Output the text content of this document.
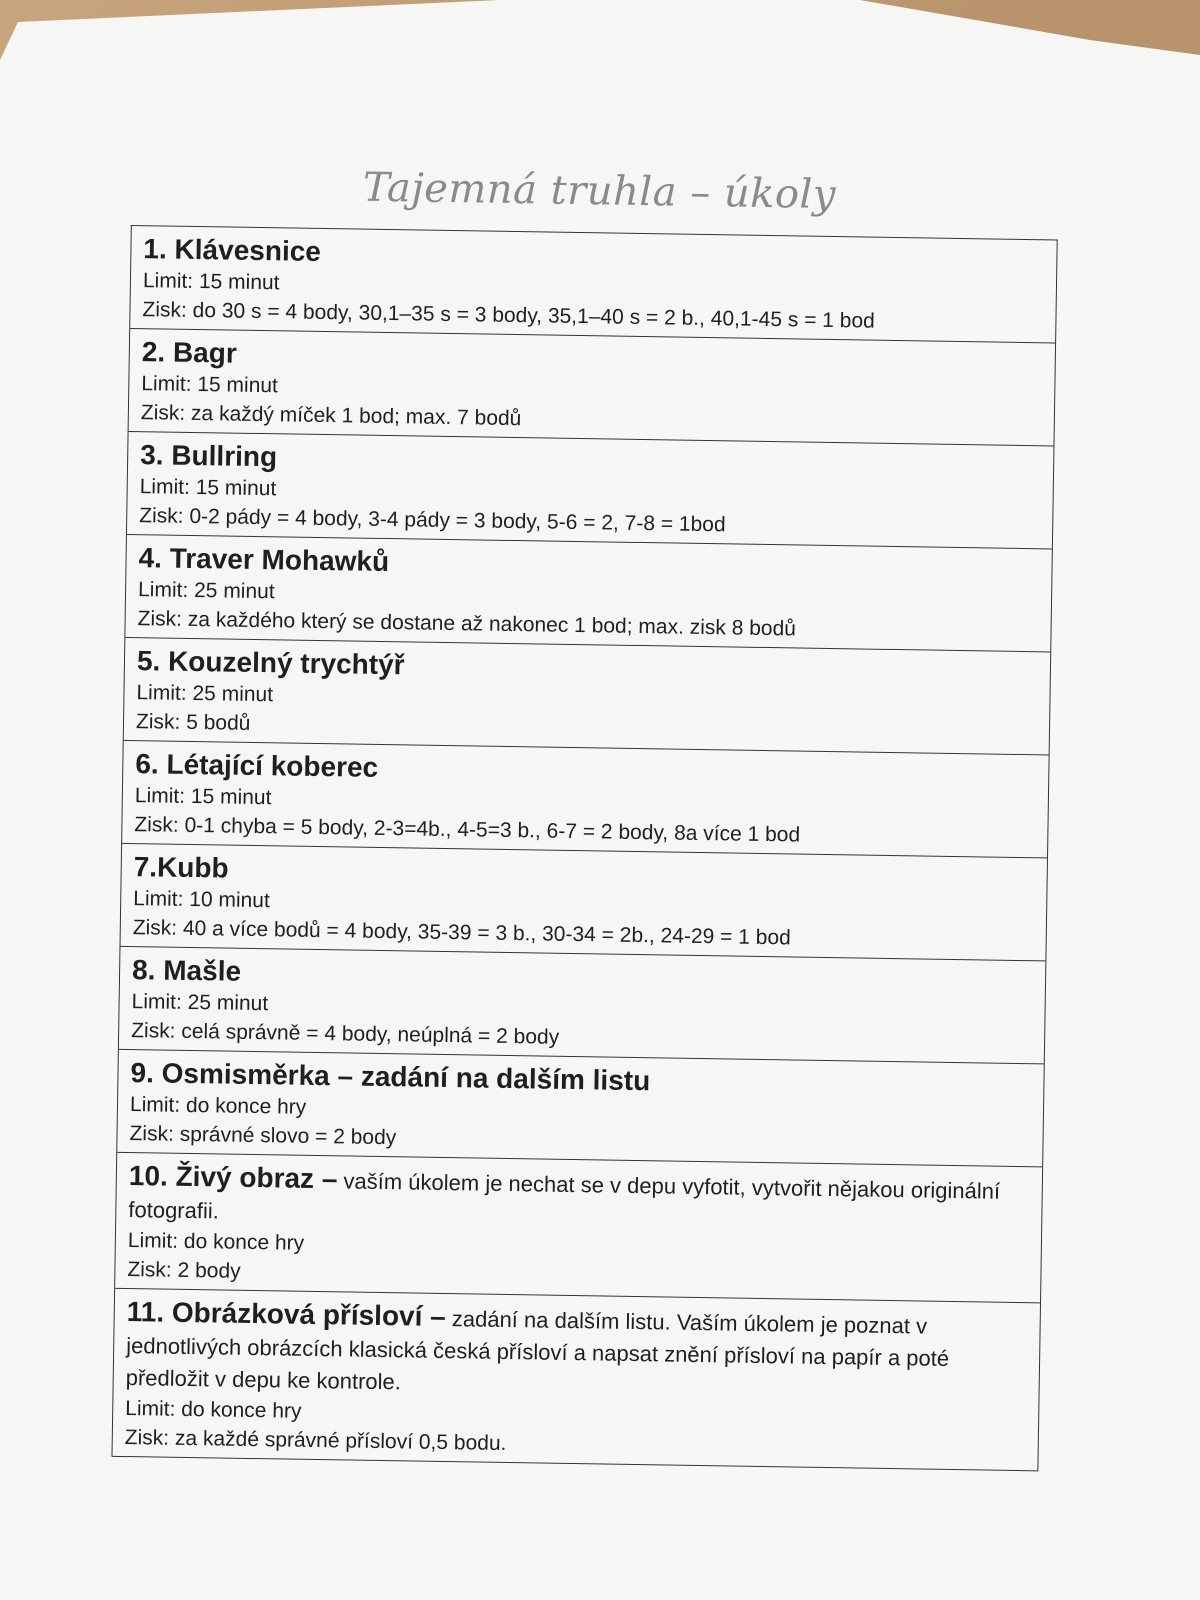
Tajemná truhla – úkoly
1. Klávesnice
Limit: 15 minut
Zisk: do 30 s = 4 body, 30,1–35 s = 3 body, 35,1–40 s = 2 b., 40,1-45 s = 1 bod
2. Bagr
Limit: 15 minut
Zisk: za každý míček 1 bod; max. 7 bodů
3. Bullring
Limit: 15 minut
Zisk: 0-2 pády = 4 body, 3-4 pády = 3 body, 5-6 = 2, 7-8 = 1bod
4. Traver Mohawků
Limit: 25 minut
Zisk: za každého který se dostane až nakonec 1 bod; max. zisk 8 bodů
5. Kouzelný trychtýř
Limit: 25 minut
Zisk: 5 bodů
6. Létající koberec
Limit: 15 minut
Zisk: 0-1 chyba = 5 body, 2-3=4b., 4-5=3 b., 6-7 = 2 body, 8a více 1 bod
7.Kubb
Limit: 10 minut
Zisk: 40 a více bodů = 4 body, 35-39 = 3 b., 30-34 = 2b., 24-29 = 1 bod
8. Mašle
Limit: 25 minut
Zisk: celá správně = 4 body, neúplná = 2 body
9. Osmisměrka – zadání na dalším listu
Limit: do konce hry
Zisk: správné slovo = 2 body
10. Živý obraz – vaším úkolem je nechat se v depu vyfotit, vytvořit nějakou originální fotografii.
Limit: do konce hry
Zisk: 2 body
11. Obrázková přísloví – zadání na dalším listu. Vaším úkolem je poznat v jednotlivých obrázcích klasická česká přísloví a napsat znění přísloví na papír a poté předložit v depu ke kontrole.
Limit: do konce hry
Zisk: za každé správné přísloví 0,5 bodu.
